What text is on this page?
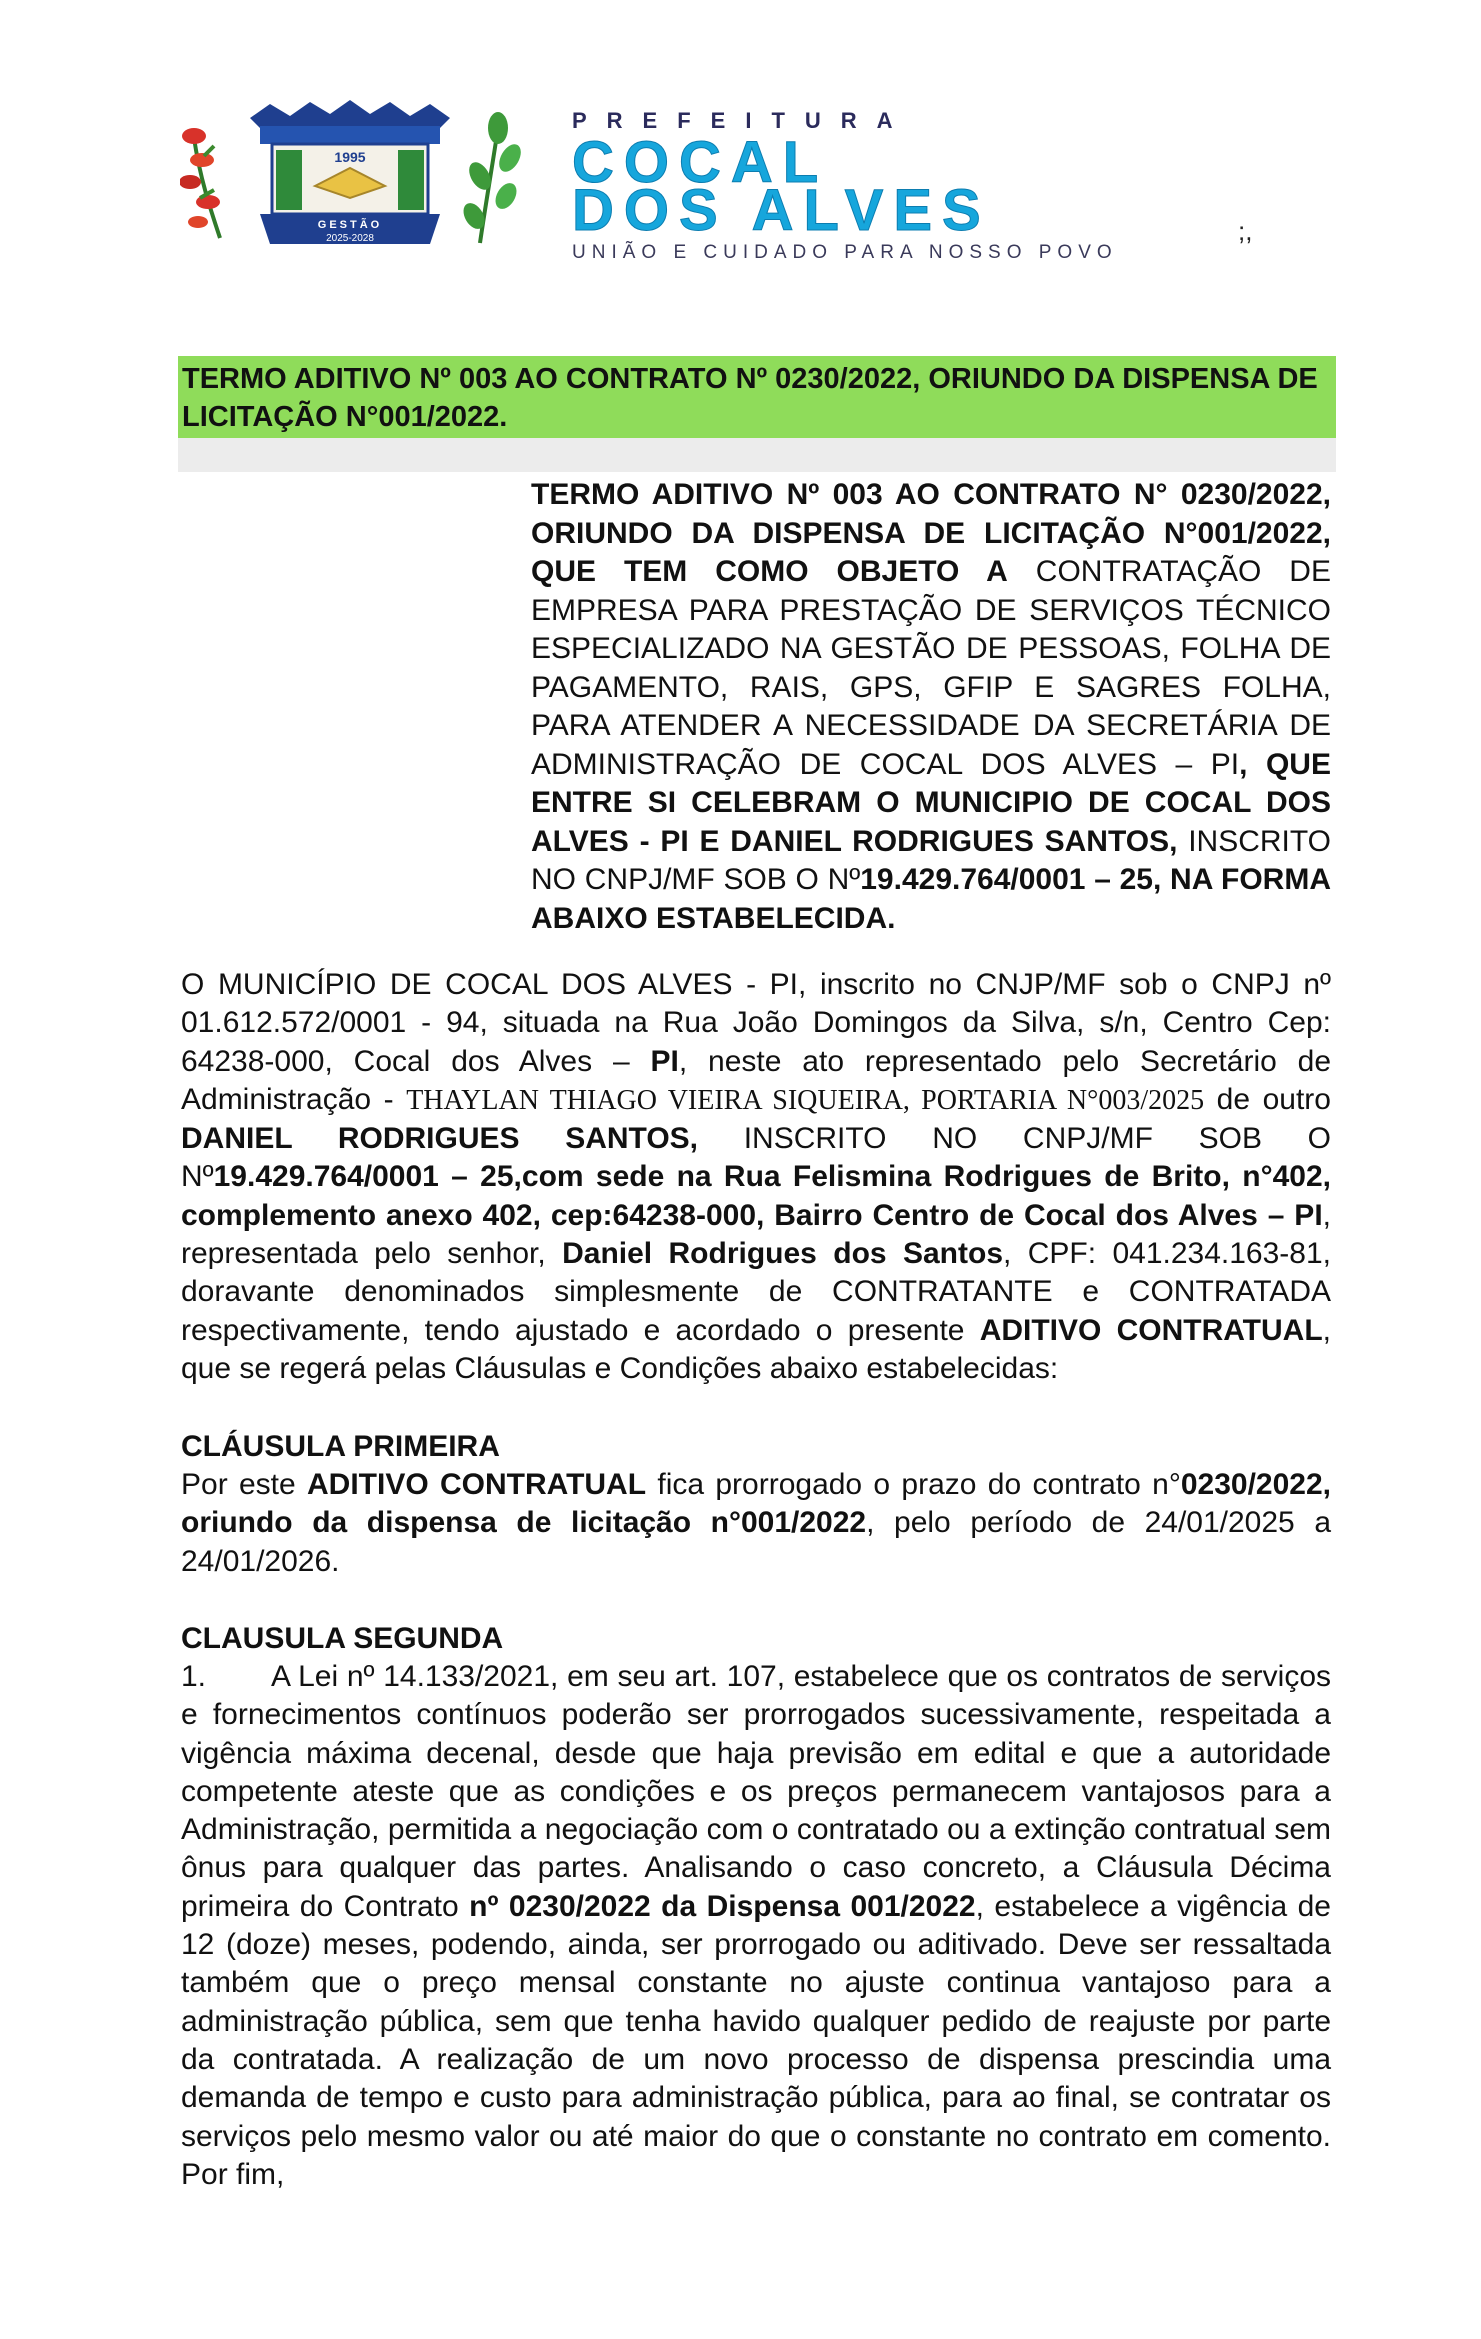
1995
GESTÃO
2025-2028
PREFEITURA
COCAL
DOS ALVES
UNIÃO E CUIDADO PARA NOSSO POVO
;,
TERMO ADITIVO Nº 003 AO CONTRATO Nº 0230/2022, ORIUNDO DA DISPENSA DE LICITAÇÃO N°001/2022.
TERMO ADITIVO Nº 003 AO CONTRATO N° 0230/2022, ORIUNDO DA DISPENSA DE LICITAÇÃO N°001/2022, QUE TEM COMO OBJETO A CONTRATAÇÃO DE EMPRESA PARA PRESTAÇÃO DE SERVIÇOS TÉCNICO ESPECIALIZADO NA GESTÃO DE PESSOAS, FOLHA DE PAGAMENTO, RAIS, GPS, GFIP E SAGRES FOLHA, PARA ATENDER A NECESSIDADE DA SECRETÁRIA DE ADMINISTRAÇÃO DE COCAL DOS ALVES – PI, QUE ENTRE SI CELEBRAM O MUNICIPIO DE COCAL DOS ALVES - PI E DANIEL RODRIGUES SANTOS, INSCRITO NO CNPJ/MF SOB O Nº19.429.764/0001 – 25, NA FORMA ABAIXO ESTABELECIDA.
O MUNICÍPIO DE COCAL DOS ALVES - PI, inscrito no CNJP/MF sob o CNPJ nº 01.612.572/0001 - 94, situada na Rua João Domingos da Silva, s/n, Centro Cep: 64238-000, Cocal dos Alves – PI, neste ato representado pelo Secretário de Administração - THAYLAN THIAGO VIEIRA SIQUEIRA, PORTARIA N°003/2025 de outro DANIEL RODRIGUES SANTOS, INSCRITO NO CNPJ/MF SOB O Nº19.429.764/0001 – 25,com sede na Rua Felismina Rodrigues de Brito, n°402, complemento anexo 402, cep:64238-000, Bairro Centro de Cocal dos Alves – PI, representada pelo senhor, Daniel Rodrigues dos Santos, CPF: 041.234.163-81, doravante denominados simplesmente de CONTRATANTE e CONTRATADA respectivamente, tendo ajustado e acordado o presente ADITIVO CONTRATUAL, que se regerá pelas Cláusulas e Condições abaixo estabelecidas:
CLÁUSULA PRIMEIRA
Por este ADITIVO CONTRATUAL fica prorrogado o prazo do contrato n°0230/2022, oriundo da dispensa de licitação n°001/2022, pelo período de 24/01/2025 a 24/01/2026.
CLAUSULA SEGUNDA
1. A Lei nº 14.133/2021, em seu art. 107, estabelece que os contratos de serviços e fornecimentos contínuos poderão ser prorrogados sucessivamente, respeitada a vigência máxima decenal, desde que haja previsão em edital e que a autoridade competente ateste que as condições e os preços permanecem vantajosos para a Administração, permitida a negociação com o contratado ou a extinção contratual sem ônus para qualquer das partes. Analisando o caso concreto, a Cláusula Décima primeira do Contrato nº 0230/2022 da Dispensa 001/2022, estabelece a vigência de 12 (doze) meses, podendo, ainda, ser prorrogado ou aditivado. Deve ser ressaltada também que o preço mensal constante no ajuste continua vantajoso para a administração pública, sem que tenha havido qualquer pedido de reajuste por parte da contratada. A realização de um novo processo de dispensa prescindia uma demanda de tempo e custo para administração pública, para ao final, se contratar os serviços pelo mesmo valor ou até maior do que o constante no contrato em comento. Por fim,
